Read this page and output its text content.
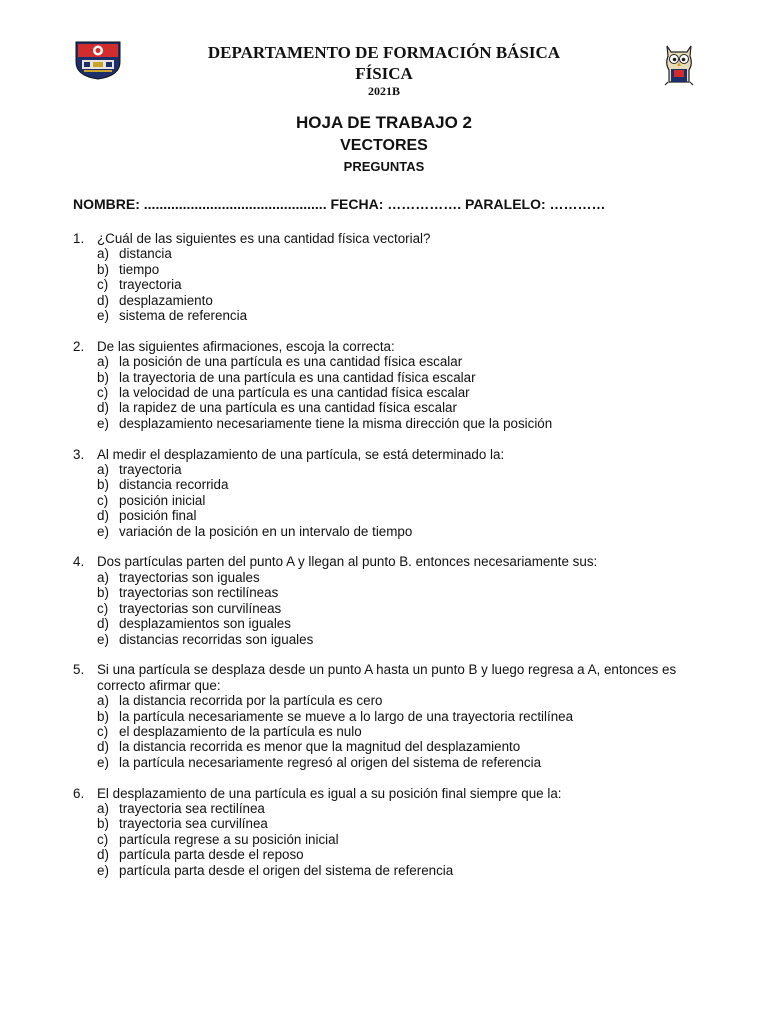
DEPARTAMENTO DE FORMACIÓN BÁSICA
FÍSICA
2021B
HOJA DE TRABAJO 2
VECTORES
PREGUNTAS
NOMBRE: ............................................... FECHA: ……………. PARALELO: …………
1. ¿Cuál de las siguientes es una cantidad física vectorial?
a) distancia
b) tiempo
c) trayectoria
d) desplazamiento
e) sistema de referencia
2. De las siguientes afirmaciones, escoja la correcta:
a) la posición de una partícula es una cantidad física escalar
b) la trayectoria de una partícula es una cantidad física escalar
c) la velocidad de una partícula es una cantidad física escalar
d) la rapidez de una partícula es una cantidad física escalar
e) desplazamiento necesariamente tiene la misma dirección que la posición
3. Al medir el desplazamiento de una partícula, se está determinado la:
a) trayectoria
b) distancia recorrida
c) posición inicial
d) posición final
e) variación de la posición en un intervalo de tiempo
4. Dos partículas parten del punto A y llegan al punto B. entonces necesariamente sus:
a) trayectorias son iguales
b) trayectorias son rectilíneas
c) trayectorias son curvilíneas
d) desplazamientos son iguales
e) distancias recorridas son iguales
5. Si una partícula se desplaza desde un punto A hasta un punto B y luego regresa a A, entonces es correcto afirmar que:
a) la distancia recorrida por la partícula es cero
b) la partícula necesariamente se mueve a lo largo de una trayectoria rectilínea
c) el desplazamiento de la partícula es nulo
d) la distancia recorrida es menor que la magnitud del desplazamiento
e) la partícula necesariamente regresó al origen del sistema de referencia
6. El desplazamiento de una partícula es igual a su posición final siempre que la:
a) trayectoria sea rectilínea
b) trayectoria sea curvilínea
c) partícula regrese a su posición inicial
d) partícula parta desde el reposo
e) partícula parta desde el origen del sistema de referencia
